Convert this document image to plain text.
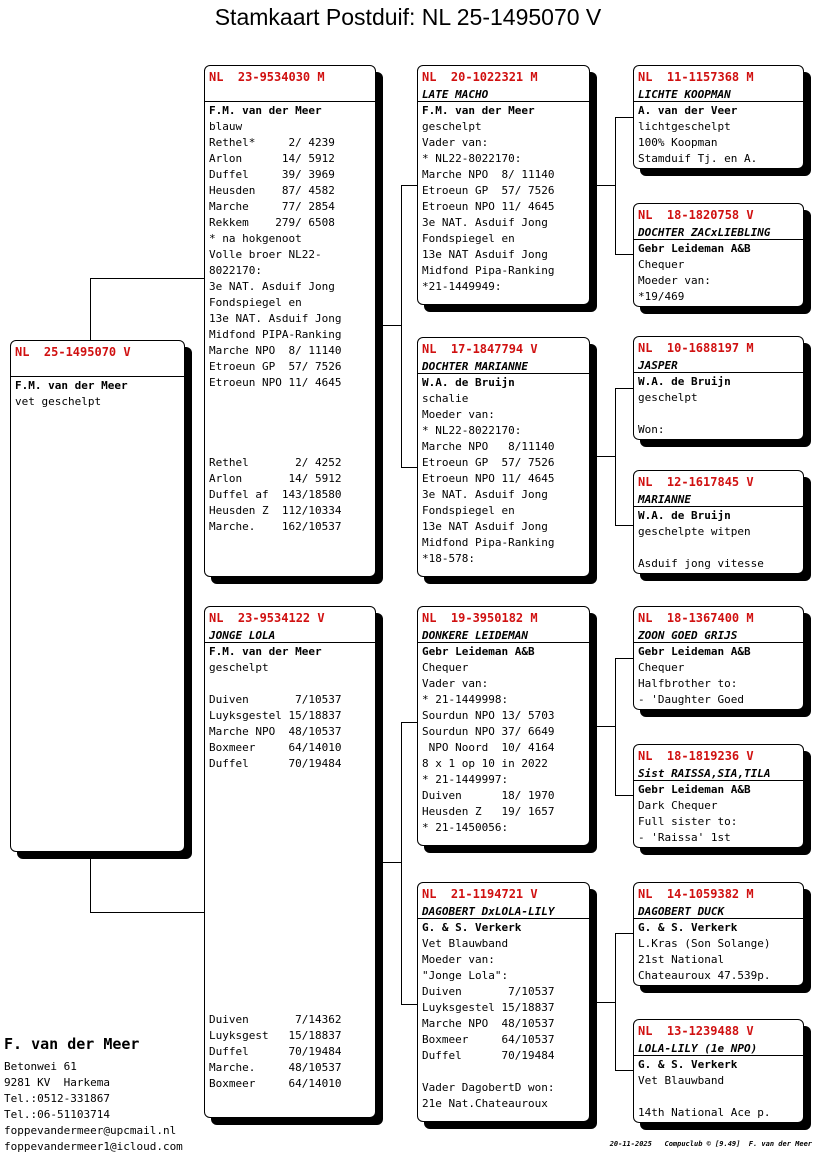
Stamkaart Postduif: NL 25-1495070 V
NL  25-1495070 V
F.M. van der Meer
vet geschelpt
NL  23-9534030 M
F.M. van der Meer
blauw
Rethel*     2/ 4239
Arlon      14/ 5912
Duffel     39/ 3969
Heusden    87/ 4582
Marche     77/ 2854
Rekkem    279/ 6508
* na hokgenoot
Volle broer NL22-
8022170:
3e NAT. Asduif Jong
Fondspiegel en
13e NAT. Asduif Jong
Midfond PIPA-Ranking
Marche NPO  8/ 11140
Etroeun GP  57/ 7526
Etroeun NPO 11/ 4645
Rethel       2/ 4252
Arlon       14/ 5912
Duffel af  143/18580
Heusden Z  112/10334
Marche.    162/10537
NL  23-9534122 V
JONGE LOLA
F.M. van der Meer
geschelpt
Duiven       7/10537
Luyksgestel 15/18837
Marche NPO  48/10537
Boxmeer     64/14010
Duffel      70/19484
Duiven       7/14362
Luyksgest   15/18837
Duffel      70/19484
Marche.     48/10537
Boxmeer     64/14010
NL  20-1022321 M
LATE MACHO
F.M. van der Meer
geschelpt
Vader van:
* NL22-8022170:
Marche NPO  8/ 11140
Etroeun GP  57/ 7526
Etroeun NPO 11/ 4645
3e NAT. Asduif Jong
Fondspiegel en
13e NAT Asduif Jong
Midfond Pipa-Ranking
*21-1449949:
NL  17-1847794 V
DOCHTER MARIANNE
W.A. de Bruijn
schalie
Moeder van:
* NL22-8022170:
Marche NPO   8/11140
Etroeun GP  57/ 7526
Etroeun NPO 11/ 4645
3e NAT. Asduif Jong
Fondspiegel en
13e NAT Asduif Jong
Midfond Pipa-Ranking
*18-578:
NL  19-3950182 M
DONKERE LEIDEMAN
Gebr Leideman A&B
Chequer
Vader van:
* 21-1449998:
Sourdun NPO 13/ 5703
Sourdun NPO 37/ 6649
NPO Noord  10/ 4164
8 x 1 op 10 in 2022
* 21-1449997:
Duiven      18/ 1970
Heusden Z   19/ 1657
* 21-1450056:
NL  21-1194721 V
DAGOBERT DxLOLA-LILY
G. & S. Verkerk
Vet Blauwband
Moeder van:
"Jonge Lola":
Duiven       7/10537
Luyksgestel 15/18837
Marche NPO  48/10537
Boxmeer     64/10537
Duffel      70/19484
Vader DagobertD won:
21e Nat.Chateauroux
NL  11-1157368 M
LICHTE KOOPMAN
A. van der Veer
lichtgeschelpt
100% Koopman
Stamduif Tj. en A.
NL  18-1820758 V
DOCHTER ZACxLIEBLING
Gebr Leideman A&B
Chequer
Moeder van:
*19/469
NL  10-1688197 M
JASPER
W.A. de Bruijn
geschelpt
Won:
NL  12-1617845 V
MARIANNE
W.A. de Bruijn
geschelpte witpen
Asduif jong vitesse
NL  18-1367400 M
ZOON GOED GRIJS
Gebr Leideman A&B
Chequer
Halfbrother to:
- 'Daughter Goed
NL  18-1819236 V
Sist RAISSA,SIA,TILA
Gebr Leideman A&B
Dark Chequer
Full sister to:
- 'Raissa' 1st
NL  14-1059382 M
DAGOBERT DUCK
G. & S. Verkerk
L.Kras (Son Solange)
21st National
Chateauroux 47.539p.
NL  13-1239488 V
LOLA-LILY (1e NPO)
G. & S. Verkerk
Vet Blauwband
14th National Ace p.
F. van der Meer
Betonwei 61
9281 KV  Harkema
Tel.:0512-331867
Tel.:06-51103714
foppevandermeer@upcmail.nl
foppevandermeer1@icloud.com	20-11-2025   Compuclub © [9.49]  F. van der Meer
